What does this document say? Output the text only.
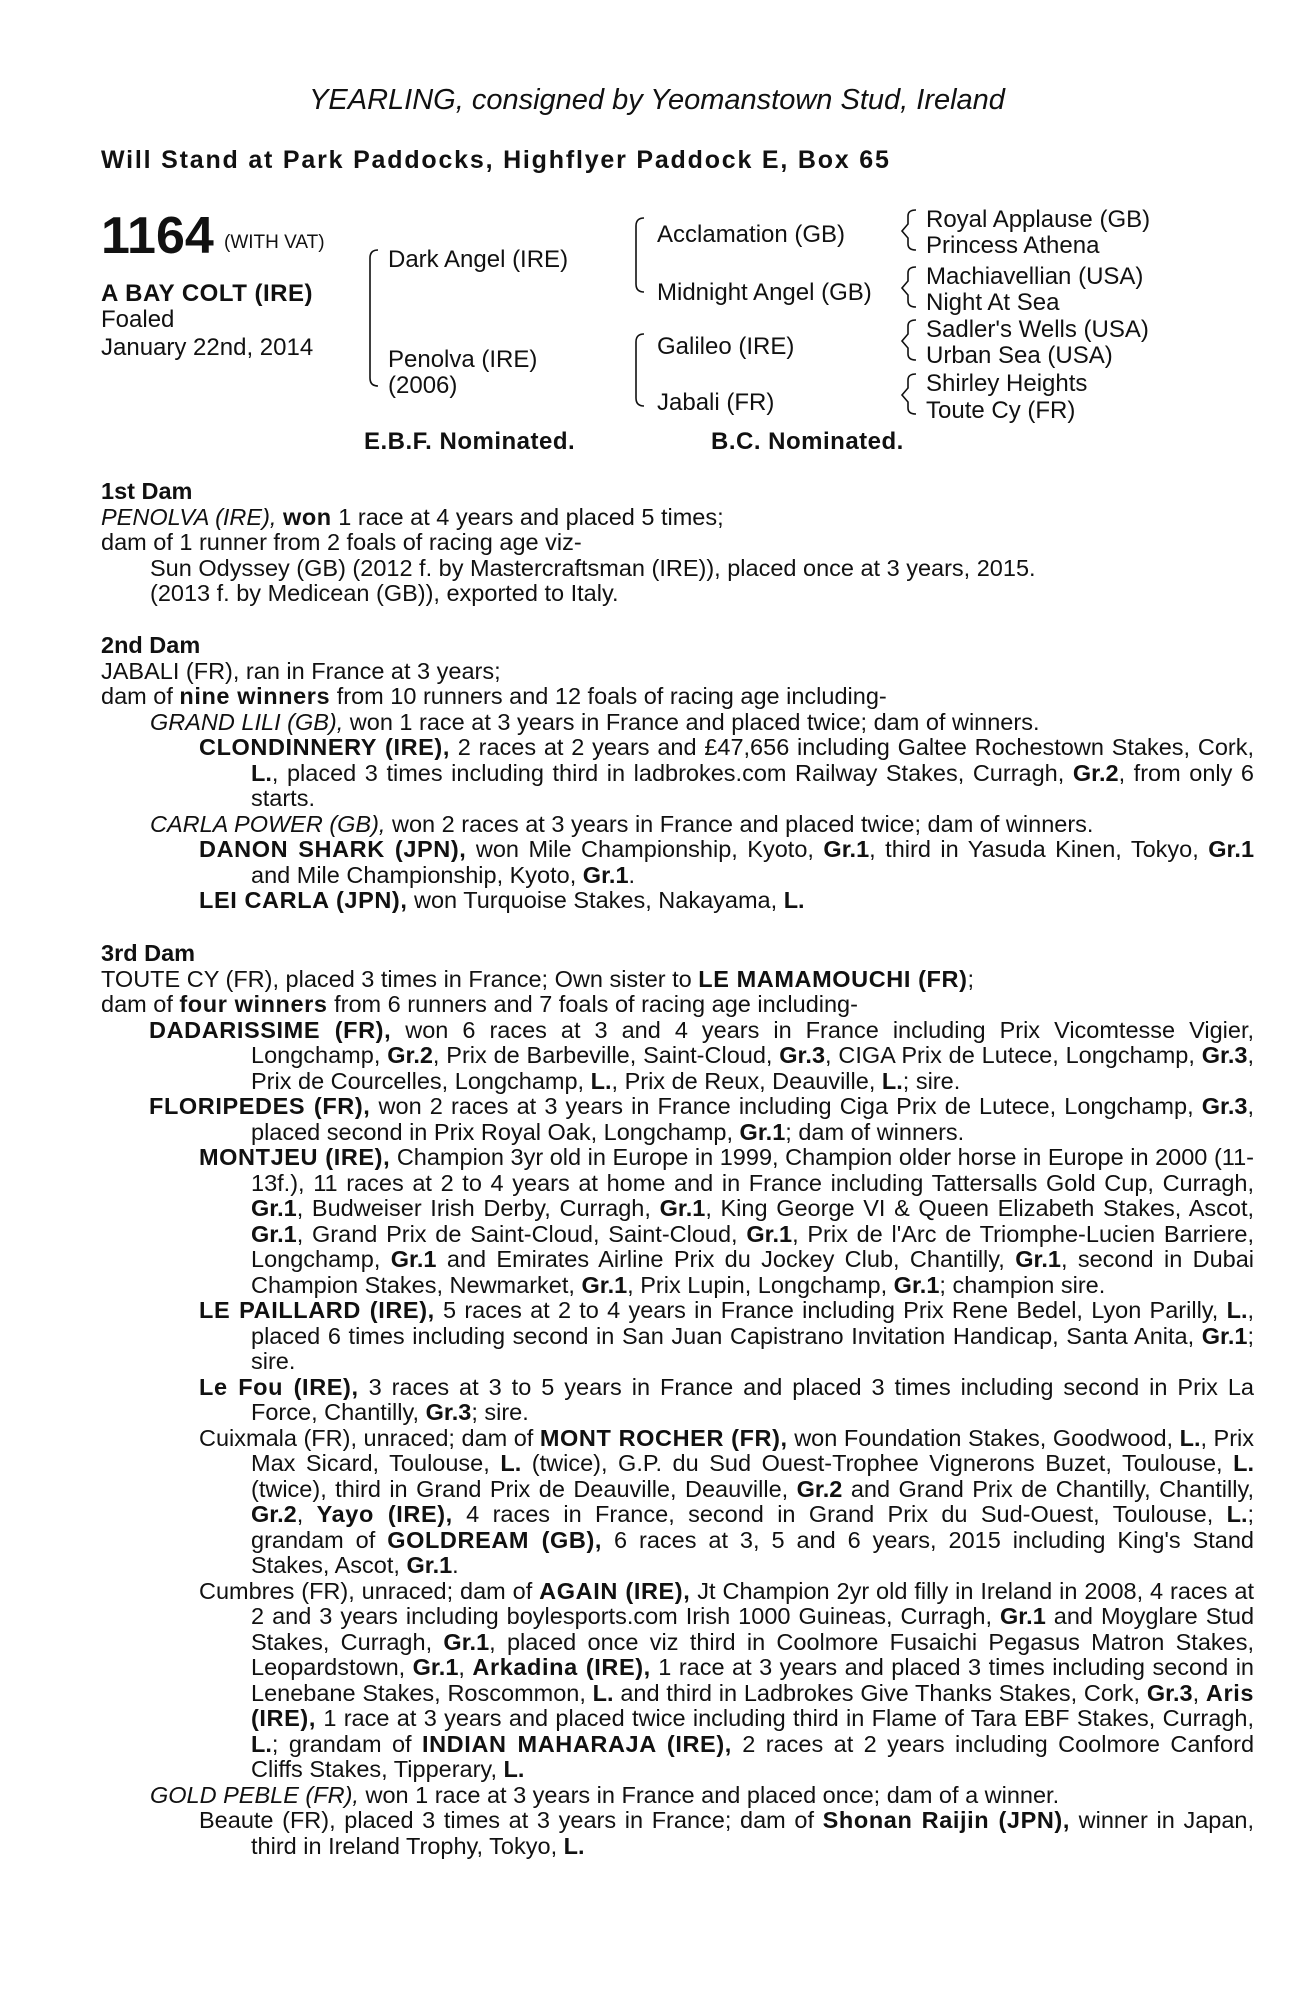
YEARLING, consigned by Yeomanstown Stud, Ireland
Will Stand at Park Paddocks, Highflyer Paddock E, Box 65
1164 (WITH VAT)
A BAY COLT (IRE)
Foaled
January 22nd, 2014
Dark Angel (IRE)
Penolva (IRE)
(2006)
Acclamation (GB)
Midnight Angel (GB)
Galileo (IRE)
Jabali (FR)
Royal Applause (GB)
Princess Athena
Machiavellian (USA)
Night At Sea
Sadler's Wells (USA)
Urban Sea (USA)
Shirley Heights
Toute Cy (FR)
E.B.F. Nominated.	B.C. Nominated.
1st Dam
PENOLVA (IRE), won 1 race at 4 years and placed 5 times;
dam of 1 runner from 2 foals of racing age viz-
Sun Odyssey (GB) (2012 f. by Mastercraftsman (IRE)), placed once at 3 years, 2015.
(2013 f. by Medicean (GB)), exported to Italy.
2nd Dam
JABALI (FR), ran in France at 3 years;
dam of nine winners from 10 runners and 12 foals of racing age including-
GRAND LILI (GB), won 1 race at 3 years in France and placed twice; dam of winners.
CLONDINNERY (IRE), 2 races at 2 years and £47,656 including Galtee Rochestown Stakes, Cork, L., placed 3 times including third in ladbrokes.com Railway Stakes, Curragh, Gr.2, from only 6 starts.
CARLA POWER (GB), won 2 races at 3 years in France and placed twice; dam of winners.
DANON SHARK (JPN), won Mile Championship, Kyoto, Gr.1, third in Yasuda Kinen, Tokyo, Gr.1 and Mile Championship, Kyoto, Gr.1.
LEI CARLA (JPN), won Turquoise Stakes, Nakayama, L.
3rd Dam
TOUTE CY (FR), placed 3 times in France; Own sister to LE MAMAMOUCHI (FR);
dam of four winners from 6 runners and 7 foals of racing age including-
DADARISSIME (FR), won 6 races at 3 and 4 years in France including Prix Vicomtesse Vigier, Longchamp, Gr.2, Prix de Barbeville, Saint-Cloud, Gr.3, CIGA Prix de Lutece, Longchamp, Gr.3, Prix de Courcelles, Longchamp, L., Prix de Reux, Deauville, L.; sire.
FLORIPEDES (FR), won 2 races at 3 years in France including Ciga Prix de Lutece, Longchamp, Gr.3, placed second in Prix Royal Oak, Longchamp, Gr.1; dam of winners.
MONTJEU (IRE), Champion 3yr old in Europe in 1999, Champion older horse in Europe in 2000 (11-13f.), 11 races at 2 to 4 years at home and in France including Tattersalls Gold Cup, Curragh, Gr.1, Budweiser Irish Derby, Curragh, Gr.1, King George VI & Queen Elizabeth Stakes, Ascot, Gr.1, Grand Prix de Saint-Cloud, Saint-Cloud, Gr.1, Prix de l'Arc de Triomphe-Lucien Barriere, Longchamp, Gr.1 and Emirates Airline Prix du Jockey Club, Chantilly, Gr.1, second in Dubai Champion Stakes, Newmarket, Gr.1, Prix Lupin, Longchamp, Gr.1; champion sire.
LE PAILLARD (IRE), 5 races at 2 to 4 years in France including Prix Rene Bedel, Lyon Parilly, L., placed 6 times including second in San Juan Capistrano Invitation Handicap, Santa Anita, Gr.1; sire.
Le Fou (IRE), 3 races at 3 to 5 years in France and placed 3 times including second in Prix La Force, Chantilly, Gr.3; sire.
Cuixmala (FR), unraced; dam of MONT ROCHER (FR), won Foundation Stakes, Goodwood, L., Prix Max Sicard, Toulouse, L. (twice), G.P. du Sud Ouest-Trophee Vignerons Buzet, Toulouse, L. (twice), third in Grand Prix de Deauville, Deauville, Gr.2 and Grand Prix de Chantilly, Chantilly, Gr.2, Yayo (IRE), 4 races in France, second in Grand Prix du Sud-Ouest, Toulouse, L.; grandam of GOLDREAM (GB), 6 races at 3, 5 and 6 years, 2015 including King's Stand Stakes, Ascot, Gr.1.
Cumbres (FR), unraced; dam of AGAIN (IRE), Jt Champion 2yr old filly in Ireland in 2008, 4 races at 2 and 3 years including boylesports.com Irish 1000 Guineas, Curragh, Gr.1 and Moyglare Stud Stakes, Curragh, Gr.1, placed once viz third in Coolmore Fusaichi Pegasus Matron Stakes, Leopardstown, Gr.1, Arkadina (IRE), 1 race at 3 years and placed 3 times including second in Lenebane Stakes, Roscommon, L. and third in Ladbrokes Give Thanks Stakes, Cork, Gr.3, Aris (IRE), 1 race at 3 years and placed twice including third in Flame of Tara EBF Stakes, Curragh, L.; grandam of INDIAN MAHARAJA (IRE), 2 races at 2 years including Coolmore Canford Cliffs Stakes, Tipperary, L.
GOLD PEBLE (FR), won 1 race at 3 years in France and placed once; dam of a winner.
Beaute (FR), placed 3 times at 3 years in France; dam of Shonan Raijin (JPN), winner in Japan, third in Ireland Trophy, Tokyo, L.
